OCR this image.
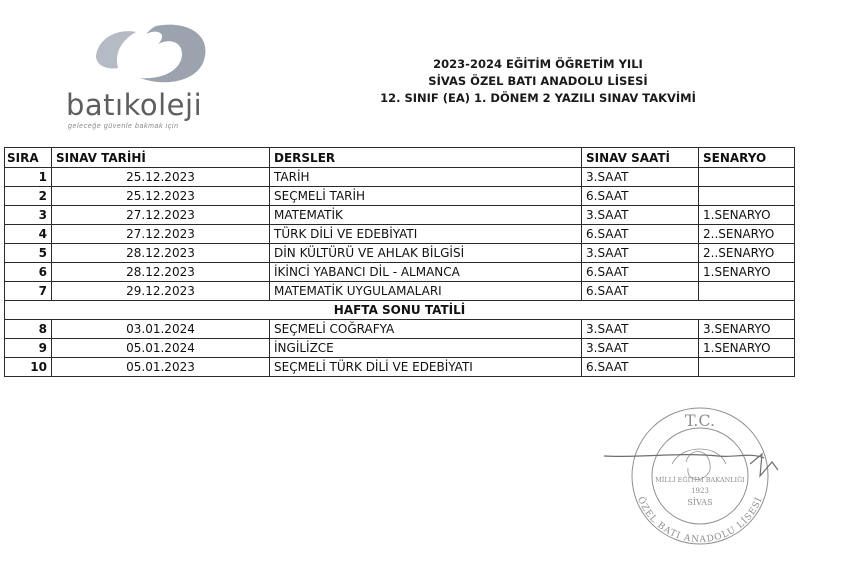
batıkoleji
geleceğe güvenle bakmak için
2023-2024 EĞİTİM ÖĞRETİM YILI
SİVAS ÖZEL BATI ANADOLU LİSESİ
12. SINIF (EA) 1. DÖNEM 2 YAZILI SINAV TAKVİMİ
SIRA	SINAV TARİHİ	DERSLER	SINAV SAATİ	SENARYO
1	25.12.2023	TARİH	3.SAAT	
2	25.12.2023	SEÇMELİ TARİH	6.SAAT	
3	27.12.2023	MATEMATİK	3.SAAT	1.SENARYO
4	27.12.2023	TÜRK DİLİ VE EDEBİYATI	6.SAAT	2..SENARYO
5	28.12.2023	DİN KÜLTÜRÜ VE AHLAK BİLGİSİ	3.SAAT	2..SENARYO
6	28.12.2023	İKİNCİ YABANCI DİL - ALMANCA	6.SAAT	1.SENARYO
7	29.12.2023	MATEMATİK UYGULAMALARI	6.SAAT	
HAFTA SONU TATİLİ				
8	03.01.2024	SEÇMELİ COĞRAFYA	3.SAAT	3.SENARYO
9	05.01.2024	İNGİLİZCE	3.SAAT	1.SENARYO
10	05.01.2023	SEÇMELİ TÜRK DİLİ VE EDEBİYATI	6.SAAT	
T.C.
MİLLİ EĞİTİM BAKANLIĞI
1923
SİVAS
ÖZEL BATI ANADOLU LİSESİ
